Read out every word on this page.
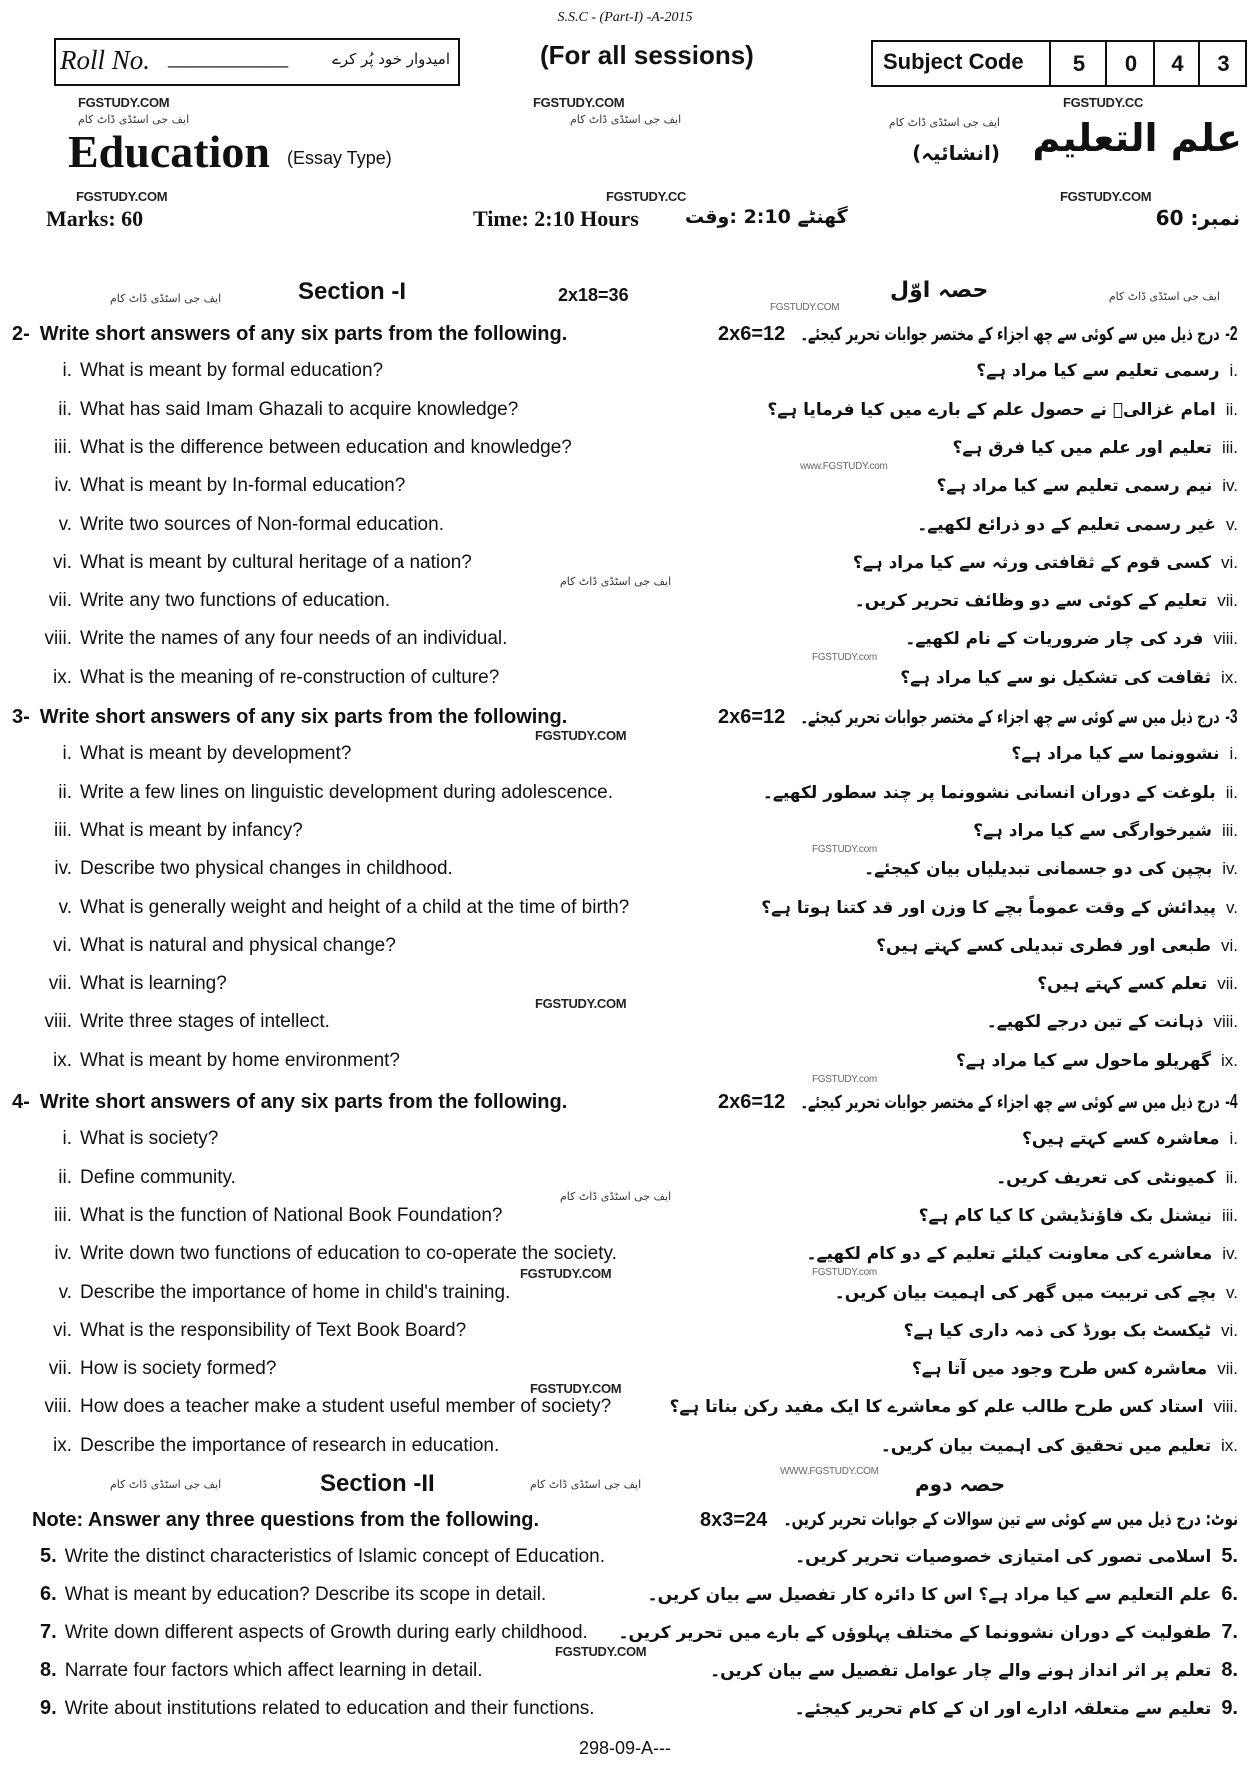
S.S.C - (Part-I) -A-2015
Roll No. ____________	امیدوار خود پُر کرے	(For all sessions)	Subject Code	5	0	4	3
FGSTUDY.COM	FGSTUDY.COM	FGSTUDY.CC
ایف جی اسٹڈی ڈاٹ کام	ایف جی اسٹڈی ڈاٹ کام	ایف جی اسٹڈی ڈاٹ کام
Education (Essay Type)	علم التعلیم
(انشائیہ)
FGSTUDY.COM	FGSTUDY.CC	FGSTUDY.COM
Marks: 60	Time: 2:10 Hours گھنٹے 2:10 :وقت	نمبر: 60
ایف جی اسٹڈی ڈاٹ کام	Section -I	2x18=36
FGSTUDY.COM
حصہ اوّل	ایف جی اسٹڈی ڈاٹ کام
2- Write short answers of any six parts from the following.	2x6=12	-2درج ذیل میں سے کوئی سے چھ اجزاء کے مختصر جوابات تحریر کیجئے۔
i. What is meant by formal education?	i.رسمی تعلیم سے کیا مراد ہے؟
ii. What has said Imam Ghazali to acquire knowledge?	ii.امام غزالیؒ نے حصول علم کے بارے میں کیا فرمایا ہے؟
iii. What is the difference between education and knowledge?	iii.تعلیم اور علم میں کیا فرق ہے؟
iv. What is meant by In-formal education?	iv.نیم رسمی تعلیم سے کیا مراد ہے؟
v. Write two sources of Non-formal education.	v.غیر رسمی تعلیم کے دو ذرائع لکھیے۔
vi. What is meant by cultural heritage of a nation?	vi.کسی قوم کے ثقافتی ورثہ سے کیا مراد ہے؟
vii. Write any two functions of education.	vii.تعلیم کے کوئی سے دو وظائف تحریر کریں۔
viii. Write the names of any four needs of an individual.	viii.فرد کی چار ضروریات کے نام لکھیے۔
ix. What is the meaning of re-construction of culture?	ix.ثقافت کی تشکیل نو سے کیا مراد ہے؟
3- Write short answers of any six parts from the following.	2x6=12	-3درج ذیل میں سے کوئی سے چھ اجزاء کے مختصر جوابات تحریر کیجئے۔
i. What is meant by development?	i.نشوونما سے کیا مراد ہے؟
ii. Write a few lines on linguistic development during adolescence.	ii.بلوغت کے دوران انسانی نشوونما پر چند سطور لکھیے۔
iii. What is meant by infancy?	iii.شیرخوارگی سے کیا مراد ہے؟
iv. Describe two physical changes in childhood.	iv.بچپن کی دو جسمانی تبدیلیاں بیان کیجئے۔
v. What is generally weight and height of a child at the time of birth?	v.پیدائش کے وقت عموماً بچے کا وزن اور قد کتنا ہوتا ہے؟
vi. What is natural and physical change?	vi.طبعی اور فطری تبدیلی کسے کہتے ہیں؟
vii. What is learning?	vii.تعلم کسے کہتے ہیں؟
viii. Write three stages of intellect.	viii.ذہانت کے تین درجے لکھیے۔
ix. What is meant by home environment?	ix.گھریلو ماحول سے کیا مراد ہے؟
4- Write short answers of any six parts from the following.	2x6=12	-4درج ذیل میں سے کوئی سے چھ اجزاء کے مختصر جوابات تحریر کیجئے۔
i. What is society?	i.معاشرہ کسے کہتے ہیں؟
ii. Define community.	ii.کمیونٹی کی تعریف کریں۔
iii. What is the function of National Book Foundation?	iii.نیشنل بک فاؤنڈیشن کا کیا کام ہے؟
iv. Write down two functions of education to co-operate the society.	iv.معاشرے کی معاونت کیلئے تعلیم کے دو کام لکھیے۔
v. Describe the importance of home in child's training.	v.بچے کی تربیت میں گھر کی اہمیت بیان کریں۔
vi. What is the responsibility of Text Book Board?	vi.ٹیکسٹ بک بورڈ کی ذمہ داری کیا ہے؟
vii. How is society formed?	vii.معاشرہ کس طرح وجود میں آتا ہے؟
viii. How does a teacher make a student useful member of society?	viii.استاد کس طرح طالب علم کو معاشرے کا ایک مفید رکن بناتا ہے؟
ix. Describe the importance of research in education.	ix.تعلیم میں تحقیق کی اہمیت بیان کریں۔
5. Write the distinct characteristics of Islamic concept of Education.	5.اسلامی تصور کی امتیازی خصوصیات تحریر کریں۔
6. What is meant by education? Describe its scope in detail.	6.علم التعلیم سے کیا مراد ہے؟ اس کا دائرہ کار تفصیل سے بیان کریں۔
7. Write down different aspects of Growth during early childhood.	7.طفولیت کے دوران نشوونما کے مختلف پہلوؤں کے بارے میں تحریر کریں۔
8. Narrate four factors which affect learning in detail.	8.تعلم پر اثر انداز ہونے والے چار عوامل تفصیل سے بیان کریں۔
9. Write about institutions related to education and their functions.	9.تعلیم سے متعلقہ ادارے اور ان کے کام تحریر کیجئے۔
www.FGSTUDY.com
FGSTUDY.com
FGSTUDY.COM
FGSTUDY.com
FGSTUDY.COM
FGSTUDY.com
FGSTUDY.COM	FGSTUDY.com
FGSTUDY.COM
FGSTUDY.COM
ایف جی اسٹڈی ڈاٹ کام
ایف جی اسٹڈی ڈاٹ کام
ایف جی اسٹڈی ڈاٹ کام	Section -II	ایف جی اسٹڈی ڈاٹ کام
WWW.FGSTUDY.COM
حصہ دوم
Note: Answer any three questions from the following.	8x3=24 نوٹ: درج ذیل میں سے کوئی سے تین سوالات کے جوابات تحریر کریں۔
298-09-A---
